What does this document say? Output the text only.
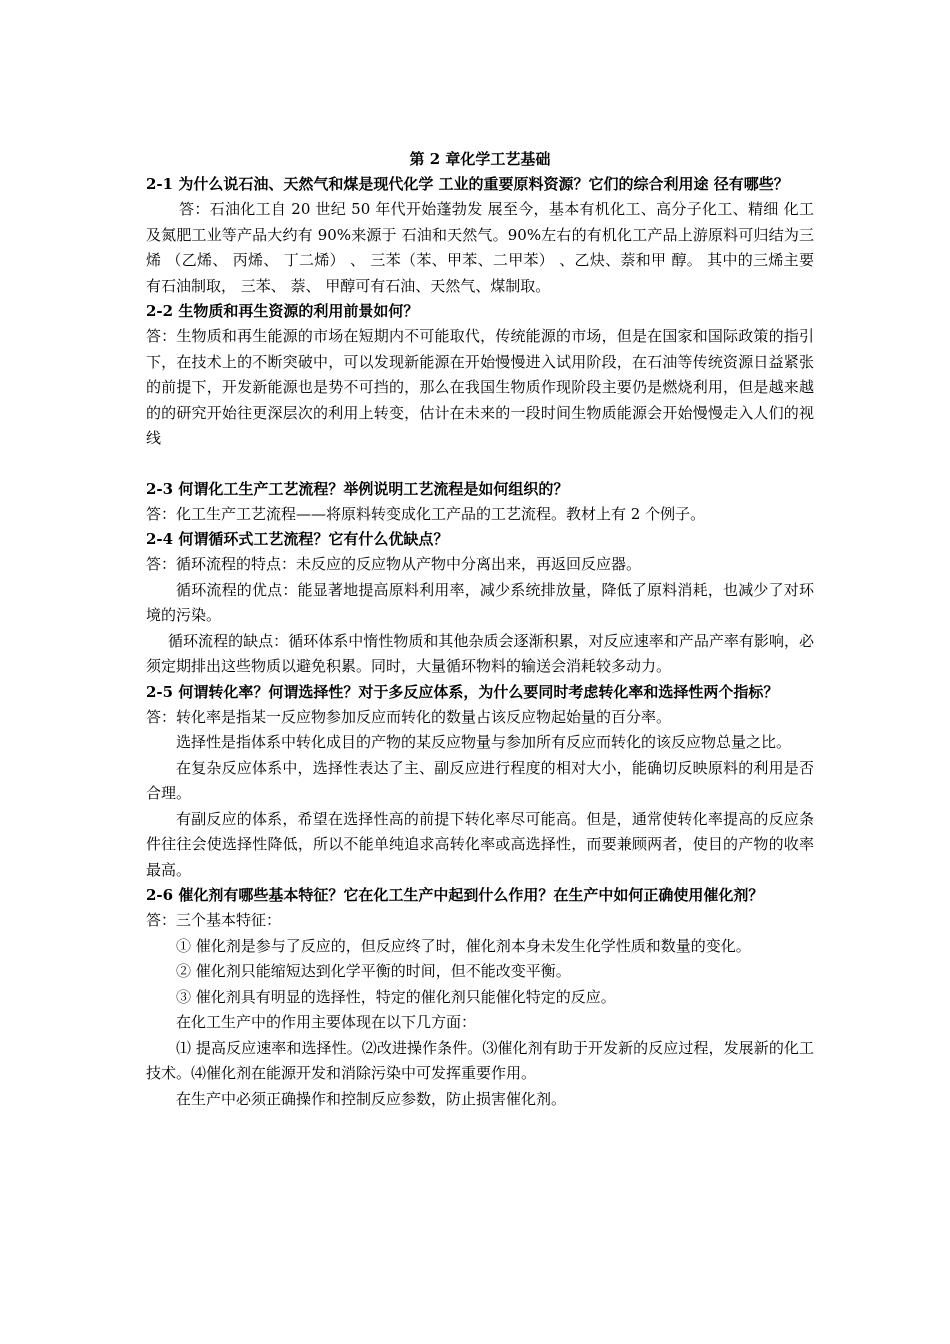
第 2 章化学工艺基础

2-1 为什么说石油、天然气和煤是现代化学 工业的重要原料资源？它们的综合利用途 径有哪些？

答：石油化工自 20 世纪 50 年代开始蓬勃发 展至今，基本有机化工、高分子化工、精细 化工及氮肥工业等产品大约有 90%来源于 石油和天然气。90%左右的有机化工产品上游原料可归结为三烯 （乙烯、 丙烯、 丁二烯） 、 三苯（苯、甲苯、二甲苯） 、乙炔、萘和甲 醇。 其中的三烯主要有石油制取， 三苯、 萘、 甲醇可有石油、天然气、煤制取。

2-2 生物质和再生资源的利用前景如何？

答：生物质和再生能源的市场在短期内不可能取代，传统能源的市场，但是在国家和国际政策的指引下，在技术上的不断突破中，可以发现新能源在开始慢慢进入试用阶段，在石油等传统资源日益紧张的前提下，开发新能源也是势不可挡的，那么在我国生物质作现阶段主要仍是燃烧利用，但是越来越的的研究开始往更深层次的利用上转变，估计在未来的一段时间生物质能源会开始慢慢走入人们的视线

2-3 何谓化工生产工艺流程？举例说明工艺流程是如何组织的？

答：化工生产工艺流程——将原料转变成化工产品的工艺流程。教材上有 2 个例子。

2-4 何谓循环式工艺流程？它有什么优缺点？

答：循环流程的特点：未反应的反应物从产物中分离出来，再返回反应器。

循环流程的优点：能显著地提高原料利用率，减少系统排放量，降低了原料消耗，也减少了对环境的污染。

循环流程的缺点：循环体系中惰性物质和其他杂质会逐渐积累，对反应速率和产品产率有影响，必须定期排出这些物质以避免积累。同时，大量循环物料的输送会消耗较多动力。

2-5 何谓转化率？何谓选择性？对于多反应体系，为什么要同时考虑转化率和选择性两个指标？

答：转化率是指某一反应物参加反应而转化的数量占该反应物起始量的百分率。

选择性是指体系中转化成目的产物的某反应物量与参加所有反应而转化的该反应物总量之比。

在复杂反应体系中，选择性表达了主、副反应进行程度的相对大小，能确切反映原料的利用是否合理。

有副反应的体系，希望在选择性高的前提下转化率尽可能高。但是，通常使转化率提高的反应条件往往会使选择性降低，所以不能单纯追求高转化率或高选择性，而要兼顾两者，使目的产物的收率最高。

2-6 催化剂有哪些基本特征？它在化工生产中起到什么作用？在生产中如何正确使用催化剂？

答：三个基本特征：

① 催化剂是参与了反应的，但反应终了时，催化剂本身未发生化学性质和数量的变化。

② 催化剂只能缩短达到化学平衡的时间，但不能改变平衡。

③ 催化剂具有明显的选择性，特定的催化剂只能催化特定的反应。

在化工生产中的作用主要体现在以下几方面：

⑴ 提高反应速率和选择性。⑵改进操作条件。⑶催化剂有助于开发新的反应过程，发展新的化工技术。⑷催化剂在能源开发和消除污染中可发挥重要作用。

在生产中必须正确操作和控制反应参数，防止损害催化剂。
